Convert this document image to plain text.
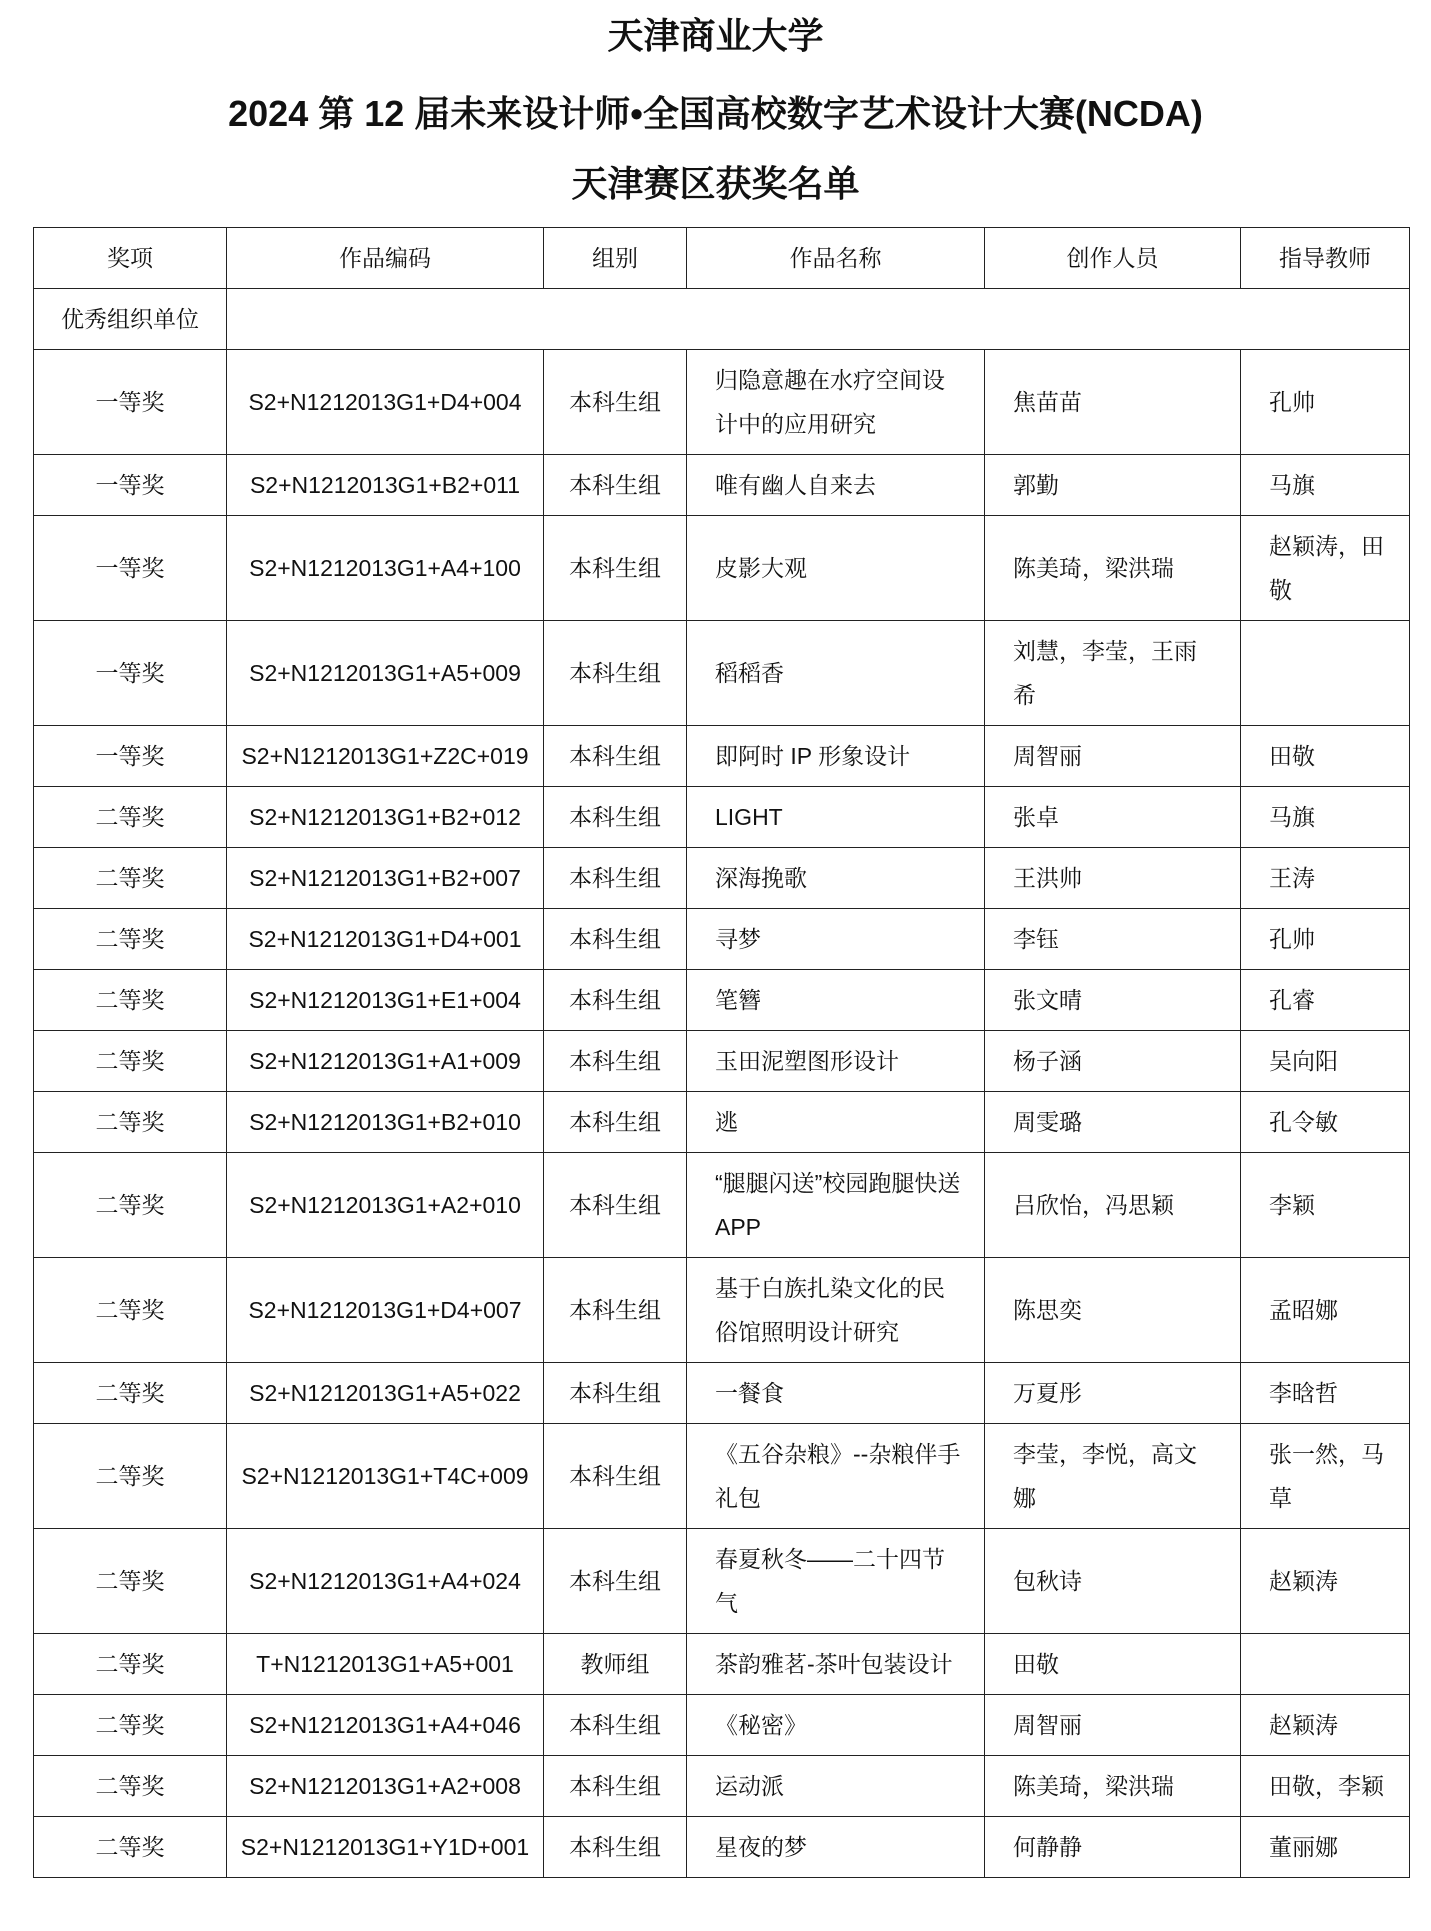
天津商业大学
2024 第 12 届未来设计师•全国高校数字艺术设计大赛(NCDA)
天津赛区获奖名单
奖项	作品编码	组别	作品名称	创作人员	指导教师
优秀组织单位					
一等奖	S2+N1212013G1+D4+004	本科生组	归隐意趣在水疗空间设计中的应用研究	焦苗苗	孔帅
一等奖	S2+N1212013G1+B2+011	本科生组	唯有幽人自来去	郭勤	马旗
一等奖	S2+N1212013G1+A4+100	本科生组	皮影大观	陈美琦，梁洪瑞	赵颖涛，田敬
一等奖	S2+N1212013G1+A5+009	本科生组	稻稻香	刘慧，李莹，王雨希	
一等奖	S2+N1212013G1+Z2C+019	本科生组	即阿时 IP 形象设计	周智丽	田敬
二等奖	S2+N1212013G1+B2+012	本科生组	LIGHT	张卓	马旗
二等奖	S2+N1212013G1+B2+007	本科生组	深海挽歌	王洪帅	王涛
二等奖	S2+N1212013G1+D4+001	本科生组	寻梦	李钰	孔帅
二等奖	S2+N1212013G1+E1+004	本科生组	笔簪	张文晴	孔睿
二等奖	S2+N1212013G1+A1+009	本科生组	玉田泥塑图形设计	杨子涵	吴向阳
二等奖	S2+N1212013G1+B2+010	本科生组	逃	周雯璐	孔令敏
二等奖	S2+N1212013G1+A2+010	本科生组	“腿腿闪送”校园跑腿快送 APP	吕欣怡，冯思颖	李颖
二等奖	S2+N1212013G1+D4+007	本科生组	基于白族扎染文化的民俗馆照明设计研究	陈思奕	孟昭娜
二等奖	S2+N1212013G1+A5+022	本科生组	一餐食	万夏彤	李晗哲
二等奖	S2+N1212013G1+T4C+009	本科生组	《五谷杂粮》--杂粮伴手礼包	李莹，李悦，高文娜	张一然，马草
二等奖	S2+N1212013G1+A4+024	本科生组	春夏秋冬——二十四节气	包秋诗	赵颖涛
二等奖	T+N1212013G1+A5+001	教师组	茶韵雅茗-茶叶包装设计	田敬	
二等奖	S2+N1212013G1+A4+046	本科生组	《秘密》	周智丽	赵颖涛
二等奖	S2+N1212013G1+A2+008	本科生组	运动派	陈美琦，梁洪瑞	田敬，李颖
二等奖	S2+N1212013G1+Y1D+001	本科生组	星夜的梦	何静静	董丽娜
